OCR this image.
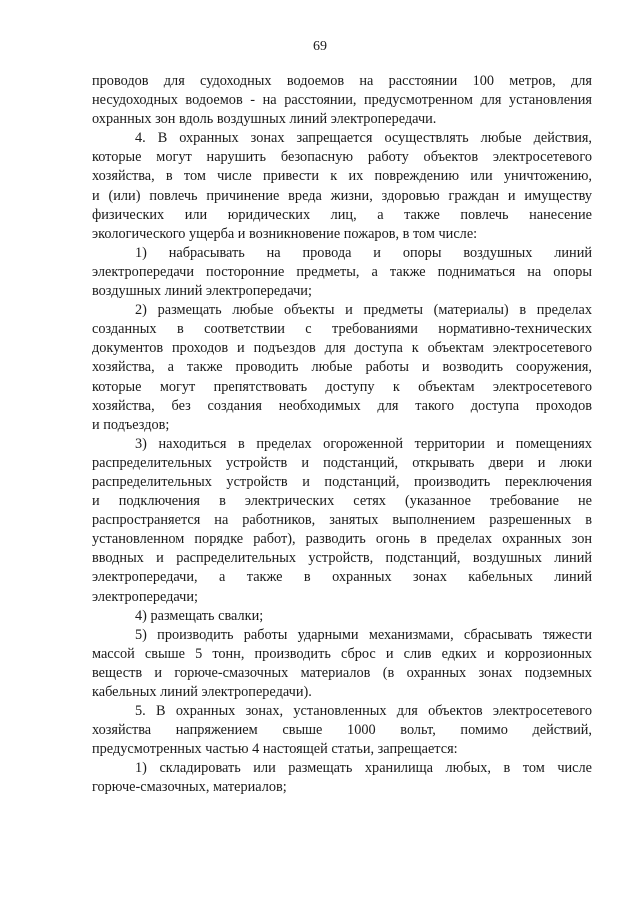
69
проводов для судоходных водоемов на расстоянии 100 метров, для
несудоходных водоемов - на расстоянии, предусмотренном для установления
охранных зон вдоль воздушных линий электропередачи.
4. В охранных зонах запрещается осуществлять любые действия,
которые могут нарушить безопасную работу объектов электросетевого
хозяйства, в том числе привести к их повреждению или уничтожению,
и (или) повлечь причинение вреда жизни, здоровью граждан и имуществу
физических или юридических лиц, а также повлечь нанесение
экологического ущерба и возникновение пожаров, в том числе:
1) набрасывать на провода и опоры воздушных линий
электропередачи посторонние предметы, а также подниматься на опоры
воздушных линий электропередачи;
2) размещать любые объекты и предметы (материалы) в пределах
созданных в соответствии с требованиями нормативно-технических
документов проходов и подъездов для доступа к объектам электросетевого
хозяйства, а также проводить любые работы и возводить сооружения,
которые могут препятствовать доступу к объектам электросетевого
хозяйства, без создания необходимых для такого доступа проходов
и подъездов;
3) находиться в пределах огороженной территории и помещениях
распределительных устройств и подстанций, открывать двери и люки
распределительных устройств и подстанций, производить переключения
и подключения в электрических сетях (указанное требование не
распространяется на работников, занятых выполнением разрешенных в
установленном порядке работ), разводить огонь в пределах охранных зон
вводных и распределительных устройств, подстанций, воздушных линий
электропередачи, а также в охранных зонах кабельных линий
электропередачи;
4) размещать свалки;
5) производить работы ударными механизмами, сбрасывать тяжести
массой свыше 5 тонн, производить сброс и слив едких и коррозионных
веществ и горюче-смазочных материалов (в охранных зонах подземных
кабельных линий электропередачи).
5. В охранных зонах, установленных для объектов электросетевого
хозяйства напряжением свыше 1000 вольт, помимо действий,
предусмотренных частью 4 настоящей статьи, запрещается:
1) складировать или размещать хранилища любых, в том числе
горюче-смазочных, материалов;
